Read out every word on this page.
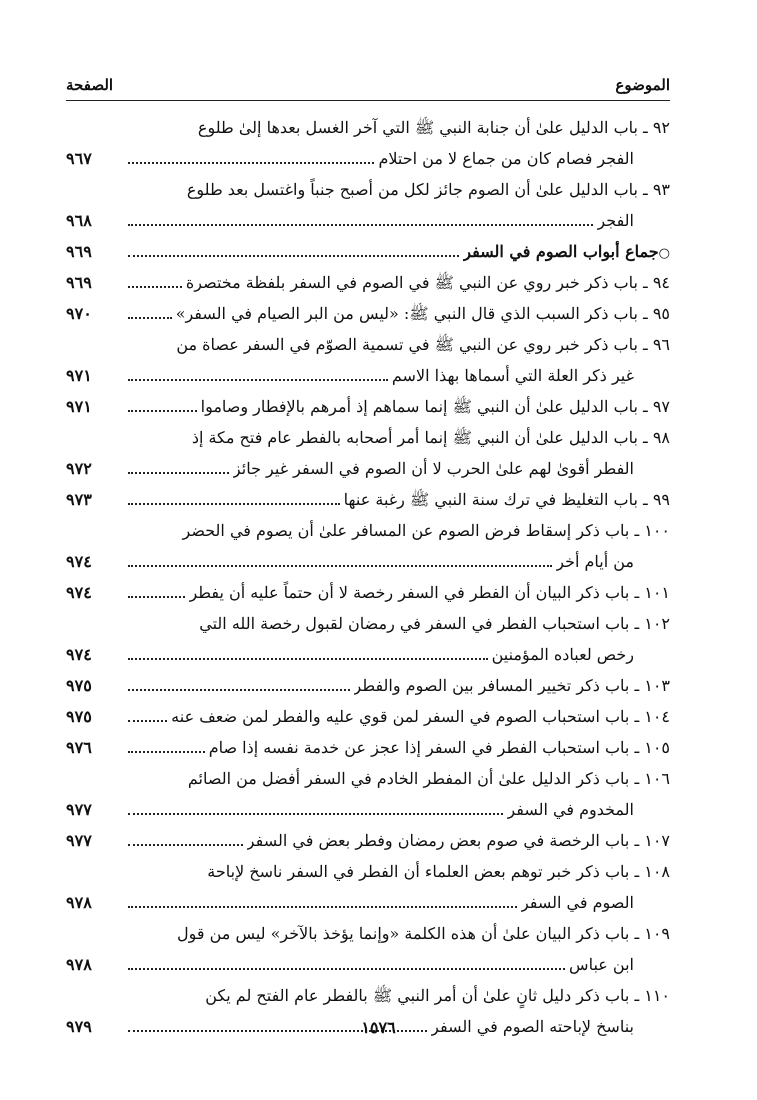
الموضوع
الصفحة
٩٢ ـ باب الدليل علىٰ أن جنابة النبي ﷺ التي آخر الغسل بعدها إلىٰ طلوع
الفجر فصام كان من جماع لا من احتلام
٩٦٧
٩٣ ـ باب الدليل علىٰ أن الصوم جائز لكل من أصبح جنباً واغتسل بعد طلوع
الفجر
٩٦٨
○
جماع أبواب الصوم في السفر
٩٦٩
٩٤ ـ باب ذكر خبر روي عن النبي ﷺ في الصوم في السفر بلفظة مختصرة
٩٦٩
٩٥ ـ باب ذكر السبب الذي قال النبي ﷺ: «ليس من البر الصيام في السفر»
٩٧٠
٩٦ ـ باب ذكر خبر روي عن النبي ﷺ في تسمية الصوّم في السفر عصاة من
غير ذكر العلة التي أسماها بهذا الاسم
٩٧١
٩٧ ـ باب الدليل علىٰ أن النبي ﷺ إنما سماهم إذ أمرهم بالإفطار وصاموا
٩٧١
٩٨ ـ باب الدليل علىٰ أن النبي ﷺ إنما أمر أصحابه بالفطر عام فتح مكة إذ
الفطر أقوىٰ لهم علىٰ الحرب لا أن الصوم في السفر غير جائز
٩٧٢
٩٩ ـ باب التغليظ في ترك سنة النبي ﷺ رغبة عنها
٩٧٣
١٠٠ ـ باب ذكر إسقاط فرض الصوم عن المسافر علىٰ أن يصوم في الحضر
من أيام أخر
٩٧٤
١٠١ ـ باب ذكر البيان أن الفطر في السفر رخصة لا أن حتماً عليه أن يفطر
٩٧٤
١٠٢ ـ باب استحباب الفطر في السفر في رمضان لقبول رخصة الله التي
رخص لعباده المؤمنين
٩٧٤
١٠٣ ـ باب ذكر تخيير المسافر بين الصوم والفطر
٩٧٥
١٠٤ ـ باب استحباب الصوم في السفر لمن قوي عليه والفطر لمن ضعف عنه
٩٧٥
١٠٥ ـ باب استحباب الفطر في السفر إذا عجز عن خدمة نفسه إذا صام
٩٧٦
١٠٦ ـ باب ذكر الدليل علىٰ أن المفطر الخادم في السفر أفضل من الصائم
المخدوم في السفر
٩٧٧
١٠٧ ـ باب الرخصة في صوم بعض رمضان وفطر بعض في السفر
٩٧٧
١٠٨ ـ باب ذكر خبر توهم بعض العلماء أن الفطر في السفر ناسخ لإباحة
الصوم في السفر
٩٧٨
١٠٩ ـ باب ذكر البيان علىٰ أن هذه الكلمة «وإنما يؤخذ بالآخر» ليس من قول
ابن عباس
٩٧٨
١١٠ ـ باب ذكر دليل ثانٍ علىٰ أن أمر النبي ﷺ بالفطر عام الفتح لم يكن
بناسخ لإباحته الصوم في السفر
٩٧٩	١٥٧٦
